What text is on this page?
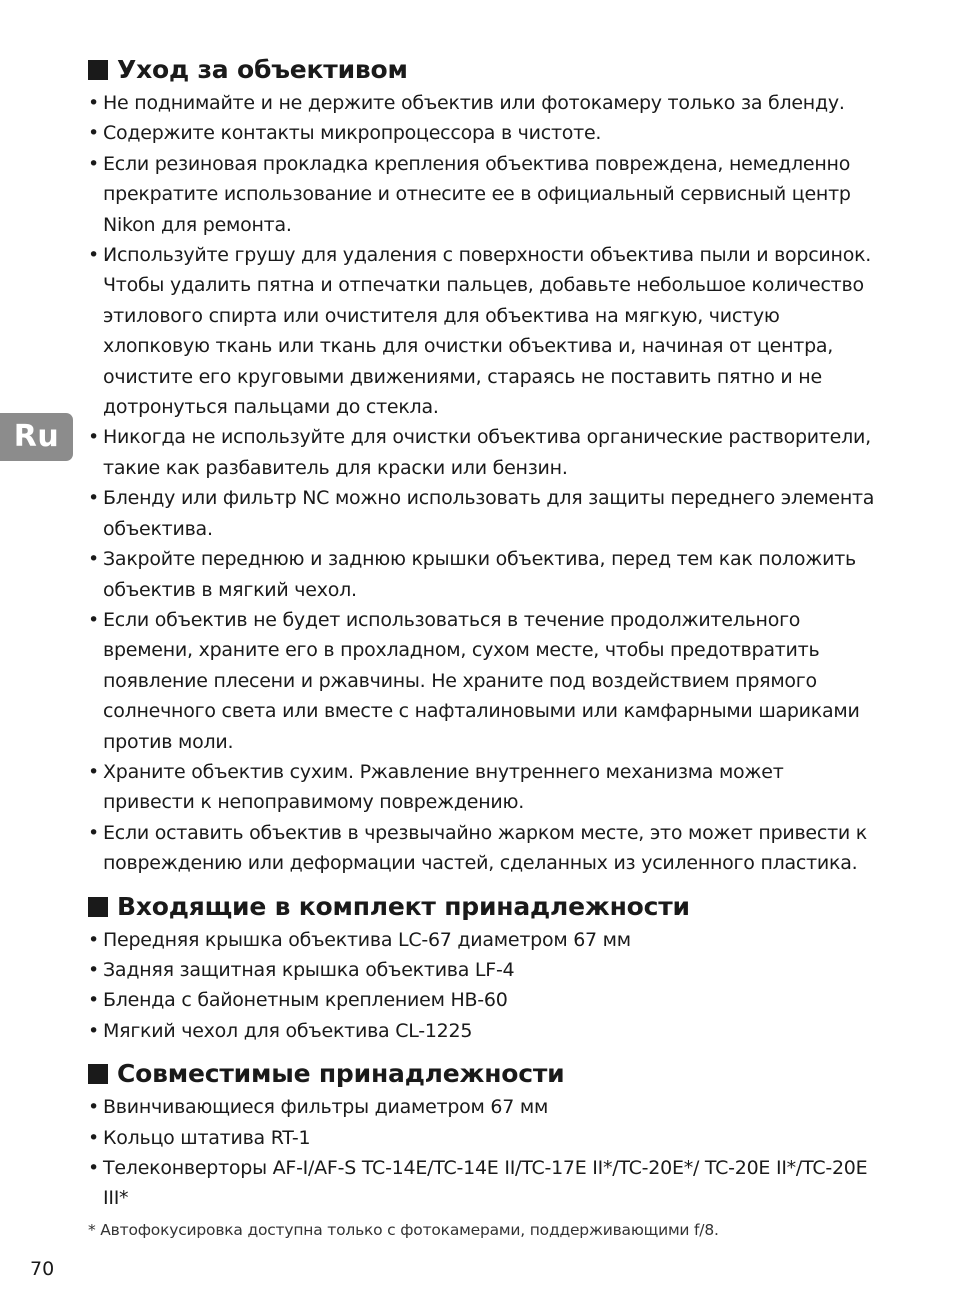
Ru
Уход за объективом
• Не поднимайте и не держите объектив или фотокамеру только за бленду.
• Содержите контакты микропроцессора в чистоте.
• Если резиновая прокладка крепления объектива повреждена, немедленно прекратите использование и отнесите ее в официальный сервисный центр Nikon для ремонта.
• Используйте грушу для удаления с поверхности объектива пыли и ворсинок. Чтобы удалить пятна и отпечатки пальцев, добавьте небольшое количество этилового спирта или очистителя для объектива на мягкую, чистую хлопковую ткань или ткань для очистки объектива и, начиная от центра, очистите его круговыми движениями, стараясь не поставить пятно и не дотронуться пальцами до стекла.
• Никогда не используйте для очистки объектива органические растворители, такие как разбавитель для краски или бензин.
• Бленду или фильтр NC можно использовать для защиты переднего элемента объектива.
• Закройте переднюю и заднюю крышки объектива, перед тем как положить объектив в мягкий чехол.
• Если объектив не будет использоваться в течение продолжительного времени, храните его в прохладном, сухом месте, чтобы предотвратить появление плесени и ржавчины. Не храните под воздействием прямого солнечного света или вместе с нафталиновыми или камфарными шариками против моли.
• Храните объектив сухим. Ржавление внутреннего механизма может привести к непоправимому повреждению.
• Если оставить объектив в чрезвычайно жарком месте, это может привести к повреждению или деформации частей, сделанных из усиленного пластика.
Входящие в комплект принадлежности
• Передняя крышка объектива LC-67 диаметром 67 мм
• Задняя защитная крышка объектива LF-4
• Бленда с байонетным креплением HB-60
• Мягкий чехол для объектива CL-1225
Совместимые принадлежности
• Ввинчивающиеся фильтры диаметром 67 мм
• Кольцо штатива RT-1
• Телеконверторы AF-I/AF-S TC-14E/TC-14E II/TC-17E II*/TC-20E*/ TC-20E II*/TC-20E III*
* Автофокусировка доступна только с фотокамерами, поддерживающими f/8.
70
